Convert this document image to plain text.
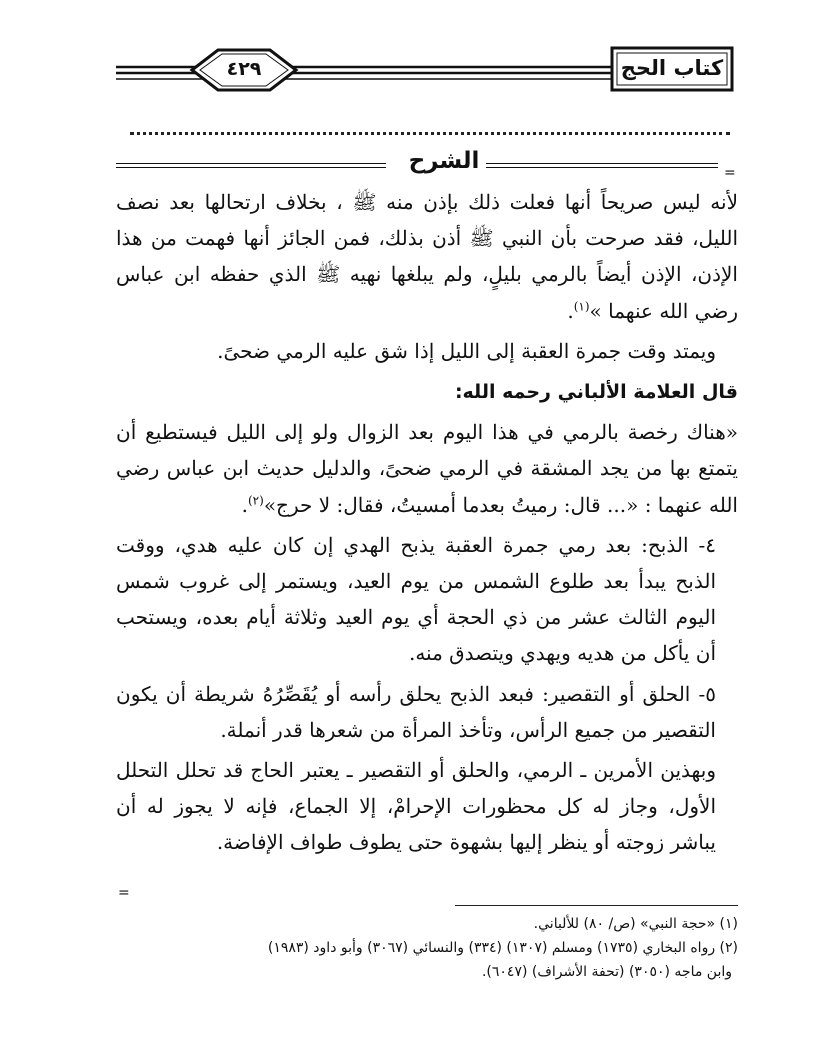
٤٢٩	كتاب الحج
الشرح	=

لأنه ليس صريحاً أنها فعلت ذلك بإذن منه ﷺ ، بخلاف ارتحالها بعد نصف الليل، فقد صرحت بأن النبي ﷺ أذن بذلك، فمن الجائز أنها فهمت من هذا الإذن، الإذن أيضاً بالرمي بليلٍ، ولم يبلغها نهيه ﷺ الذي حفظه ابن عباس رضي الله عنهما »$^{(١)}$.

ويمتد وقت جمرة العقبة إلى الليل إذا شق عليه الرمي ضحىً.

قال العلامة الألباني رحمه الله:

«هناك رخصة بالرمي في هذا اليوم بعد الزوال ولو إلى الليل فيستطيع أن يتمتع بها من يجد المشقة في الرمي ضحىً، والدليل حديث ابن عباس رضي الله عنهما : «... قال: رميتُ بعدما أمسيتُ، فقال: لا حرج»$^{(٢)}$.

٤- الذبح: بعد رمي جمرة العقبة يذبح الهدي إن كان عليه هدي، ووقت الذبح يبدأ بعد طلوع الشمس من يوم العيد، ويستمر إلى غروب شمس اليوم الثالث عشر من ذي الحجة أي يوم العيد وثلاثة أيام بعده، ويستحب أن يأكل من هديه ويهدي ويتصدق منه.

٥- الحلق أو التقصير: فبعد الذبح يحلق رأسه أو يُقَصِّرُهُ شريطة أن يكون التقصير من جميع الرأس، وتأخذ المرأة من شعرها قدر أنملة.

وبهذين الأمرين ـ الرمي، والحلق أو التقصير ـ يعتبر الحاج قد تحلل التحلل الأول، وجاز له كل محظورات الإحرامْ، إلا الجماع، فإنه لا يجوز له أن يباشر زوجته أو ينظر إليها بشهوة حتى يطوف طواف الإفاضة.

=

(١) «حجة النبي» (ص/ ٨٠) للألباني.

(٢) رواه البخاري (١٧٣٥) ومسلم (١٣٠٧) (٣٣٤) والنسائي (٣٠٦٧) وأبو داود (١٩٨٣)

وابن ماجه (٣٠٥٠) (تحفة الأشراف) (٦٠٤٧).
